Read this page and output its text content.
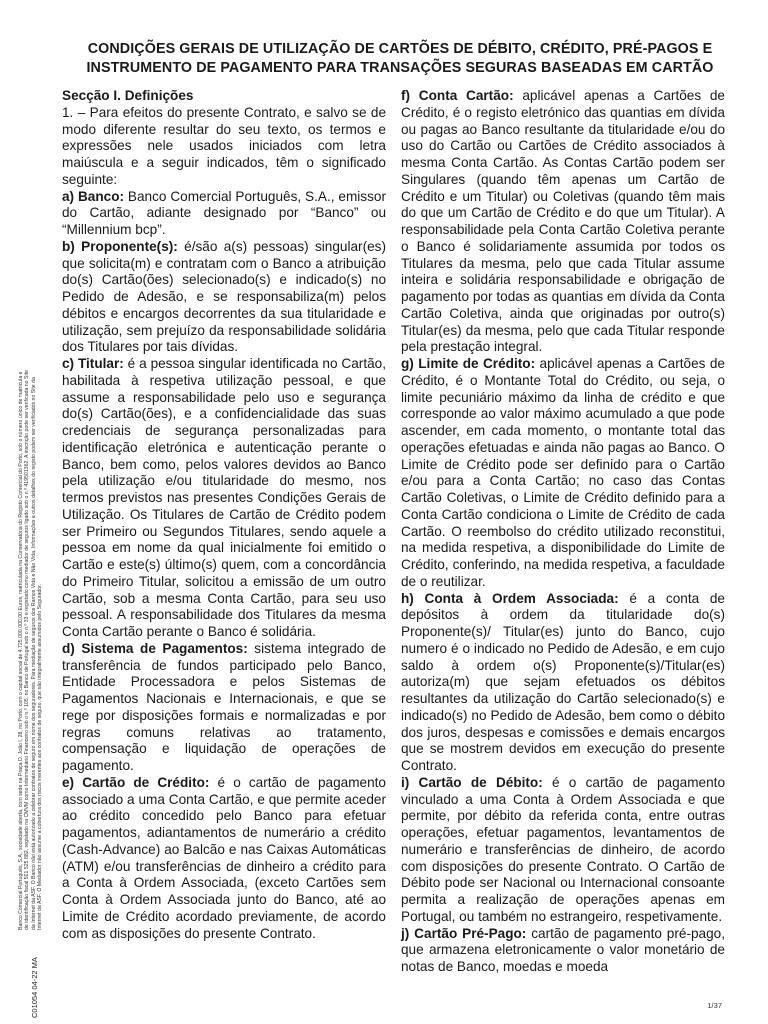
CONDIÇÕES GERAIS DE UTILIZAÇÃO DE CARTÕES DE DÉBITO, CRÉDITO, PRÉ-PAGOS E
INSTRUMENTO DE PAGAMENTO PARA TRANSAÇÕES SEGURAS BASEADAS EM CARTÃO

Secção I. Definições

1. – Para efeitos do presente Contrato, e salvo se de modo diferente resultar do seu texto, os termos e expressões nele usados iniciados com letra maiúscula e a seguir indicados, têm o significado seguinte:

a) Banco: Banco Comercial Português, S.A., emissor do Cartão, adiante designado por “Banco” ou “Millennium bcp”.

b) Proponente(s): é/são a(s) pessoas) singular(es) que solicita(m) e contratam com o Banco a atribuição do(s) Cartão(ões) selecionado(s) e indicado(s) no Pedido de Adesão, e se responsabiliza(m) pelos débitos e encargos decorrentes da sua titularidade e utilização, sem prejuízo da responsabilidade solidária dos Titulares por tais dívidas.

c) Titular: é a pessoa singular identificada no Cartão, habilitada à respetiva utilização pessoal, e que assume a responsabilidade pelo uso e segurança do(s) Cartão(ões), e a confidencialidade das suas credenciais de segurança personalizadas para identificação eletrónica e autenticação perante o Banco, bem como, pelos valores devidos ao Banco pela utilização e/ou titularidade do mesmo, nos termos previstos nas presentes Condições Gerais de Utilização. Os Titulares de Cartão de Crédito podem ser Primeiro ou Segundos Titulares, sendo aquele a pessoa em nome da qual inicialmente foi emitido o Cartão e este(s) último(s) quem, com a concordância do Primeiro Titular, solicitou a emissão de um outro Cartão, sob a mesma Conta Cartão, para seu uso pessoal. A responsabilidade dos Titulares da mesma Conta Cartão perante o Banco é solidária.

d) Sistema de Pagamentos: sistema integrado de transferência de fundos participado pelo Banco, Entidade Processadora e pelos Sistemas de Pagamentos Nacionais e Internacionais, e que se rege por disposições formais e normalizadas e por regras comuns relativas ao tratamento, compensação e liquidação de operações de pagamento.

e) Cartão de Crédito: é o cartão de pagamento associado a uma Conta Cartão, e que permite aceder ao crédito concedido pelo Banco para efetuar pagamentos, adiantamentos de numerário a crédito (Cash-Advance) ao Balcão e nas Caixas Automáticas (ATM) e/ou transferências de dinheiro a crédito para a Conta à Ordem Associada, (exceto Cartões sem Conta à Ordem Associada junto do Banco, até ao Limite de Crédito acordado previamente, de acordo com as disposições do presente Contrato.

f) Conta Cartão: aplicável apenas a Cartões de Crédito, é o registo eletrónico das quantias em dívida ou pagas ao Banco resultante da titularidade e/ou do uso do Cartão ou Cartões de Crédito associados à mesma Conta Cartão. As Contas Cartão podem ser Singulares (quando têm apenas um Cartão de Crédito e um Titular) ou Coletivas (quando têm mais do que um Cartão de Crédito e do que um Titular). A responsabilidade pela Conta Cartão Coletiva perante o Banco é solidariamente assumida por todos os Titulares da mesma, pelo que cada Titular assume inteira e solidária responsabilidade e obrigação de pagamento por todas as quantias em dívida da Conta Cartão Coletiva, ainda que originadas por outro(s) Titular(es) da mesma, pelo que cada Titular responde pela prestação integral.

g) Limite de Crédito: aplicável apenas a Cartões de Crédito, é o Montante Total do Crédito, ou seja, o limite pecuniário máximo da linha de crédito e que corresponde ao valor máximo acumulado a que pode ascender, em cada momento, o montante total das operações efetuadas e ainda não pagas ao Banco. O Limite de Crédito pode ser definido para o Cartão e/ou para a Conta Cartão; no caso das Contas Cartão Coletivas, o Limite de Crédito definido para a Conta Cartão condiciona o Limite de Crédito de cada Cartão. O reembolso do crédito utilizado reconstitui, na medida respetiva, a disponibilidade do Limite de Crédito, conferindo, na medida respetiva, a faculdade de o reutilizar.

h) Conta à Ordem Associada: é a conta de depósitos à ordem da titularidade do(s) Proponente(s)/ Titular(es) junto do Banco, cujo numero é o indicado no Pedido de Adesão, e em cujo saldo à ordem o(s) Proponente(s)/Titular(es) autoriza(m) que sejam efetuados os débitos resultantes da utilização do Cartão selecionado(s) e indicado(s) no Pedido de Adesão, bem como o débito dos juros, despesas e comissões e demais encargos que se mostrem devidos em execução do presente Contrato.

i) Cartão de Débito: é o cartão de pagamento vinculado a uma Conta à Ordem Associada e que permite, por débito da referida conta, entre outras operações, efetuar pagamentos, levantamentos de numerário e transferências de dinheiro, de acordo com disposições do presente Contrato. O Cartão de Débito pode ser Nacional ou Internacional consoante permita a realização de operações apenas em Portugal, ou também no estrangeiro, respetivamente.

j) Cartão Pré-Pago: cartão de pagamento pré-pago, que armazena eletronicamente o valor monetário de notas de Banco, moedas e moeda

Banco Comercial Português, S.A., sociedade aberta, com sede na Praça D. João I, 28, no Porto, com o capital social de 4.725.000.000,00 Euros, matriculada na Conservatória do Registo Comercial do Porto, sob o número único de matrícula e de identificação fiscal 501 525 882, registado na CMVM como Intermediário Financeiro sob o n.º 105, no Banco de Portugal sob o n.º 33 e registado como mediador de seguros ligado sob o n.º 419501362. A inscrição pode ser verificada no Site da Internet da ASF. O Banco não está autorizado a celebrar contratos de seguro em nome dos seguradores. Para mediação de seguros dos Ramos Vida e Não Vida. Informações e outros detalhes do registo podem ser verificados no Site da Internet da ASF. O Mediador não assume a cobertura dos riscos inerentes aos contratos de seguro, que são integralmente assumidos pelo Segurador.
C01054 04-22 MA	1/37
